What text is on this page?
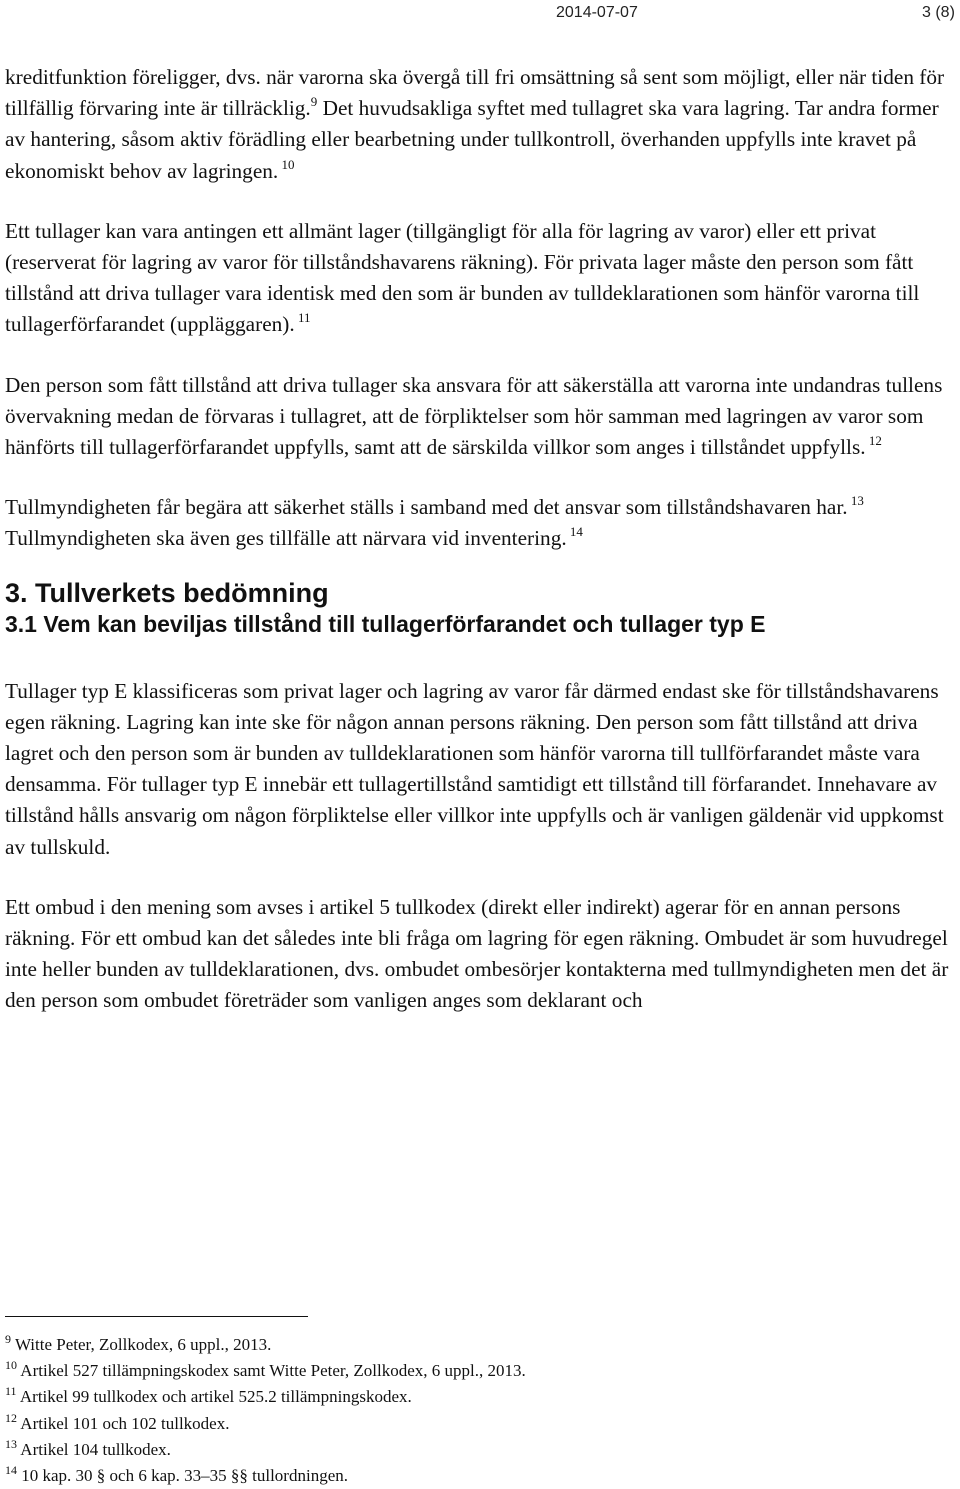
2014-07-07	3 (8)

kreditfunktion föreligger, dvs. när varorna ska övergå till fri omsättning så sent som möjligt, eller när tiden för tillfällig förvaring inte är tillräcklig.$^9$ Det huvudsakliga syftet med tullagret ska vara lagring. Tar andra former av hantering, såsom aktiv förädling eller bearbetning under tullkontroll, överhanden uppfylls inte kravet på ekonomiskt behov av lagringen. $^{10}$

Ett tullager kan vara antingen ett allmänt lager (tillgängligt för alla för lagring av varor) eller ett privat (reserverat för lagring av varor för tillståndshavarens räkning). För privata lager måste den person som fått tillstånd att driva tullager vara identisk med den som är bunden av tulldeklarationen som hänför varorna till tullagerförfarandet (uppläggaren). $^{11}$

Den person som fått tillstånd att driva tullager ska ansvara för att säkerställa att varorna inte undandras tullens övervakning medan de förvaras i tullagret, att de förpliktelser som hör samman med lagringen av varor som hänförts till tullagerförfarandet uppfylls, samt att de särskilda villkor som anges i tillståndet uppfylls. $^{12}$

Tullmyndigheten får begära att säkerhet ställs i samband med det ansvar som tillståndshavaren har. $^{13}$ Tullmyndigheten ska även ges tillfälle att närvara vid inventering. $^{14}$

3. Tullverkets bedömning
3.1 Vem kan beviljas tillstånd till tullagerförfarandet och tullager typ E

Tullager typ E klassificeras som privat lager och lagring av varor får därmed endast ske för tillståndshavarens egen räkning. Lagring kan inte ske för någon annan persons räkning. Den person som fått tillstånd att driva lagret och den person som är bunden av tulldeklarationen som hänför varorna till tullförfarandet måste vara densamma. För tullager typ E innebär ett tullagertillstånd samtidigt ett tillstånd till förfarandet. Innehavare av tillstånd hålls ansvarig om någon förpliktelse eller villkor inte uppfylls och är vanligen gäldenär vid uppkomst av tullskuld.

Ett ombud i den mening som avses i artikel 5 tullkodex (direkt eller indirekt) agerar för en annan persons räkning. För ett ombud kan det således inte bli fråga om lagring för egen räkning. Ombudet är som huvudregel inte heller bunden av tulldeklarationen, dvs. ombudet ombesörjer kontakterna med tullmyndigheten men det är den person som ombudet företräder som vanligen anges som deklarant och

$^9$ Witte Peter, Zollkodex, 6 uppl., 2013.
$^{10}$ Artikel 527 tillämpningskodex samt Witte Peter, Zollkodex, 6 uppl., 2013.
$^{11}$ Artikel 99 tullkodex och artikel 525.2 tillämpningskodex.
$^{12}$ Artikel 101 och 102 tullkodex.
$^{13}$ Artikel 104 tullkodex.
$^{14}$ 10 kap. 30 § och 6 kap. 33–35 §§ tullordningen.
